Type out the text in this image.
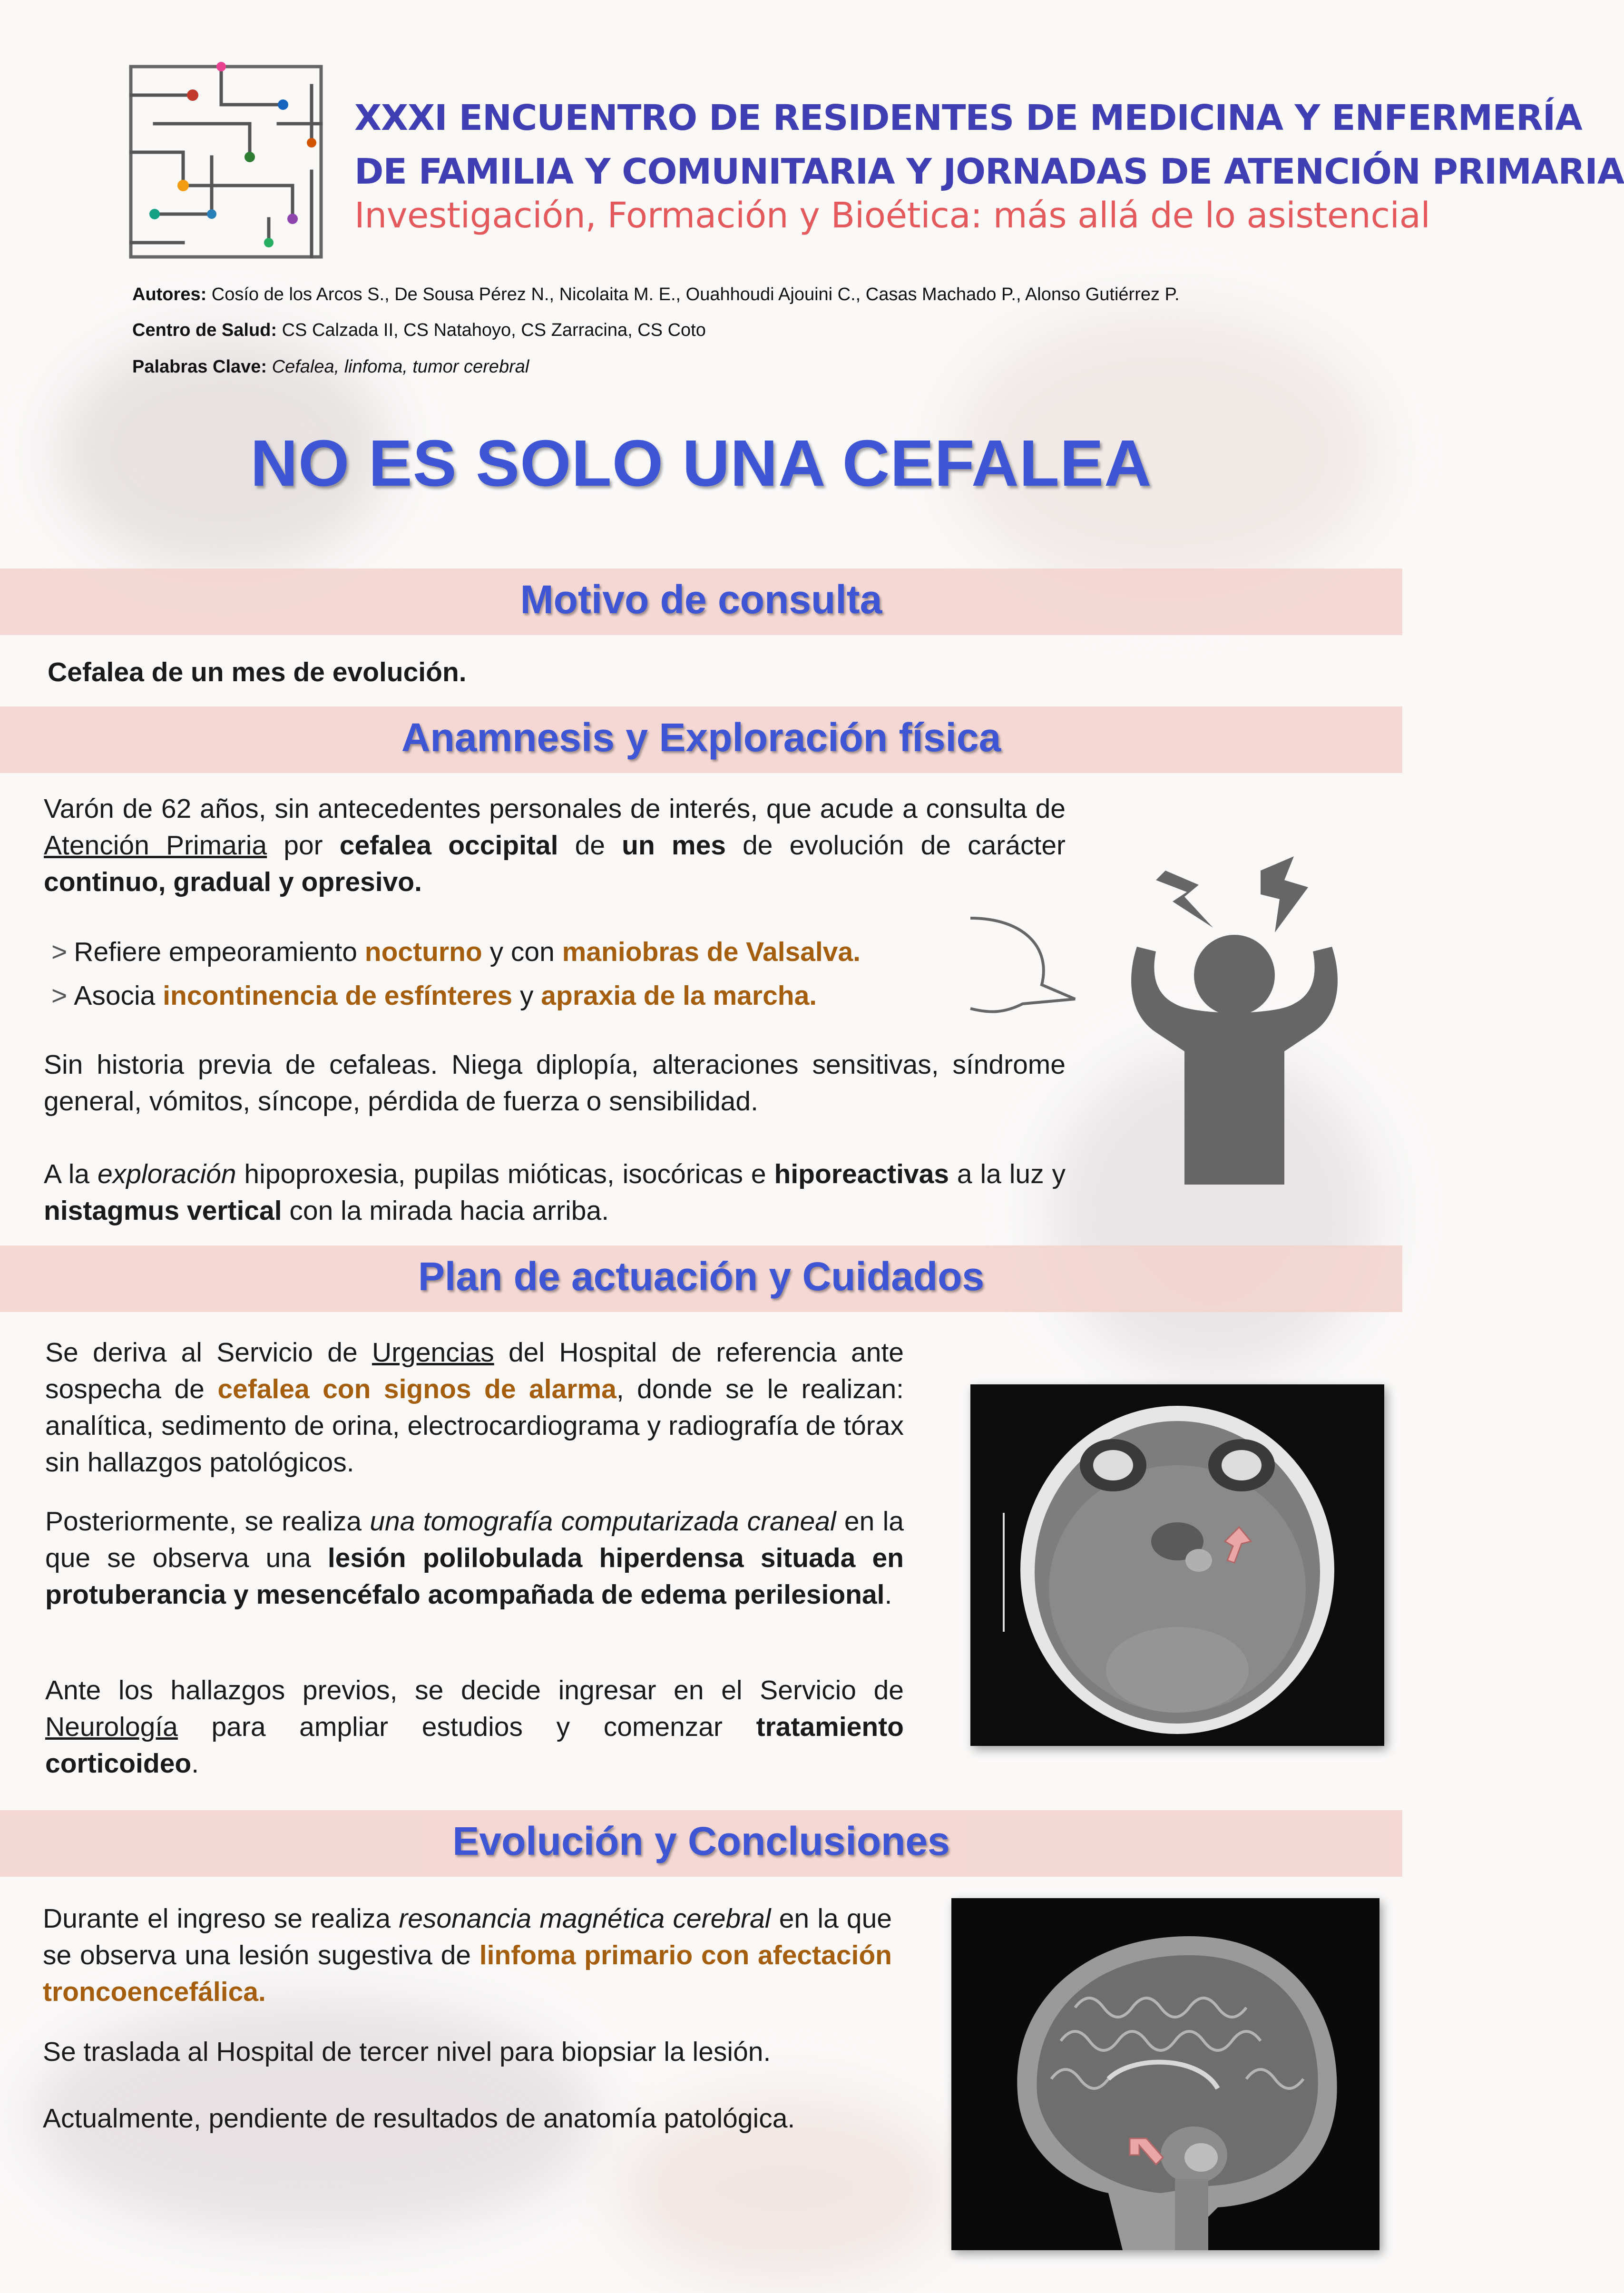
XXXI ENCUENTRO DE RESIDENTES DE MEDICINA Y ENFERMERÍA
DE FAMILIA Y COMUNITARIA Y JORNADAS DE ATENCIÓN PRIMARIA
Investigación, Formación y Bioética: más allá de lo asistencial
Autores: Cosío de los Arcos S., De Sousa Pérez N., Nicolaita M. E., Ouahhoudi Ajouini C., Casas Machado P., Alonso Gutiérrez P.
Centro de Salud: CS Calzada II, CS Natahoyo, CS Zarracina, CS Coto
Palabras Clave: Cefalea, linfoma, tumor cerebral
NO ES SOLO UNA CEFALEA
Motivo de consulta
Cefalea de un mes de evolución.
Anamnesis y Exploración física
Varón de 62 años, sin antecedentes personales de interés, que acude a consulta de Atención Primaria por cefalea occipital de un mes de evolución de carácter continuo, gradual y opresivo.
> Refiere empeoramiento nocturno y con maniobras de Valsalva.
> Asocia incontinencia de esfínteres y apraxia de la marcha.
Sin historia previa de cefaleas. Niega diplopía, alteraciones sensitivas, síndrome general, vómitos, síncope, pérdida de fuerza o sensibilidad.
A la exploración hipoproxesia, pupilas mióticas, isocóricas e hiporeactivas a la luz y nistagmus vertical con la mirada hacia arriba.
Plan de actuación y Cuidados
Se deriva al Servicio de Urgencias del Hospital de referencia ante sospecha de cefalea con signos de alarma, donde se le realizan: analítica, sedimento de orina, electrocardiograma y radiografía de tórax sin hallazgos patológicos.
Posteriormente, se realiza una tomografía computarizada craneal en la que se observa una lesión polilobulada hiperdensa situada en protuberancia y mesencéfalo acompañada de edema perilesional.
Ante los hallazgos previos, se decide ingresar en el Servicio de Neurología para ampliar estudios y comenzar tratamiento corticoideo.
Evolución y Conclusiones
Durante el ingreso se realiza resonancia magnética cerebral en la que se observa una lesión sugestiva de linfoma primario con afectación troncoencefálica.
Se traslada al Hospital de tercer nivel para biopsiar la lesión.
Actualmente, pendiente de resultados de anatomía patológica.
